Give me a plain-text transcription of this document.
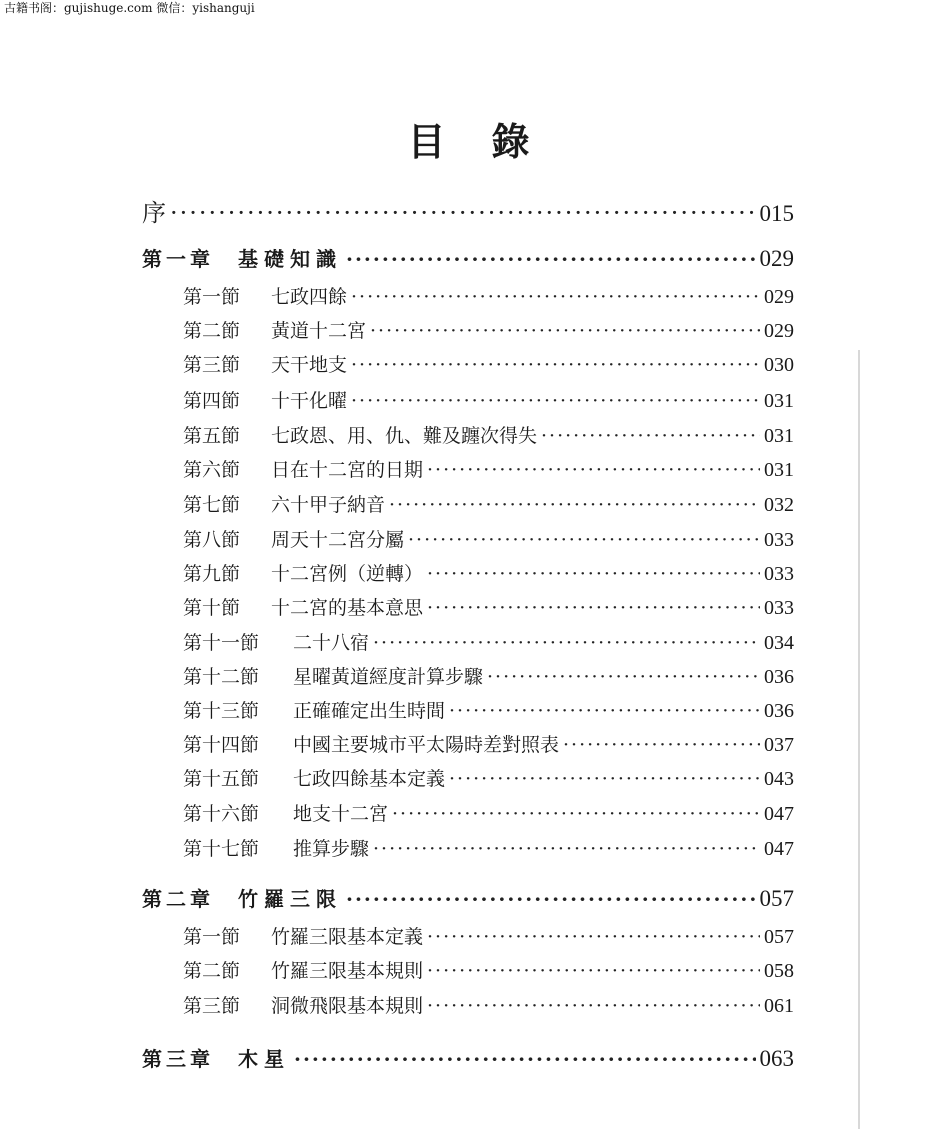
古籍书阁：gujishuge.com 微信：yishanguji
目 錄
序 ·····	015
第一章 基礎知識 ·····	029
第一節 七政四餘 ·····	029
第二節 黃道十二宮 ·····	029
第三節 天干地支 ·····	030
第四節 十干化曜 ·····	031
第五節 七政恩、用、仇、難及躔次得失 ·····	031
第六節 日在十二宮的日期 ·····	031
第七節 六十甲子納音 ·····	032
第八節 周天十二宮分屬 ·····	033
第九節 十二宮例（逆轉） ·····	033
第十節 十二宮的基本意思 ·····	033
第十一節 二十八宿 ·····	034
第十二節 星曜黃道經度計算步驟 ·····	036
第十三節 正確確定出生時間 ·····	036
第十四節 中國主要城市平太陽時差對照表 ·····	037
第十五節 七政四餘基本定義 ·····	043
第十六節 地支十二宮 ·····	047
第十七節 推算步驟 ·····	047
第二章 竹羅三限 ·····	057
第一節 竹羅三限基本定義 ·····	057
第二節 竹羅三限基本規則 ·····	058
第三節 洞微飛限基本規則 ·····	061
第三章 木星 ·····	063
